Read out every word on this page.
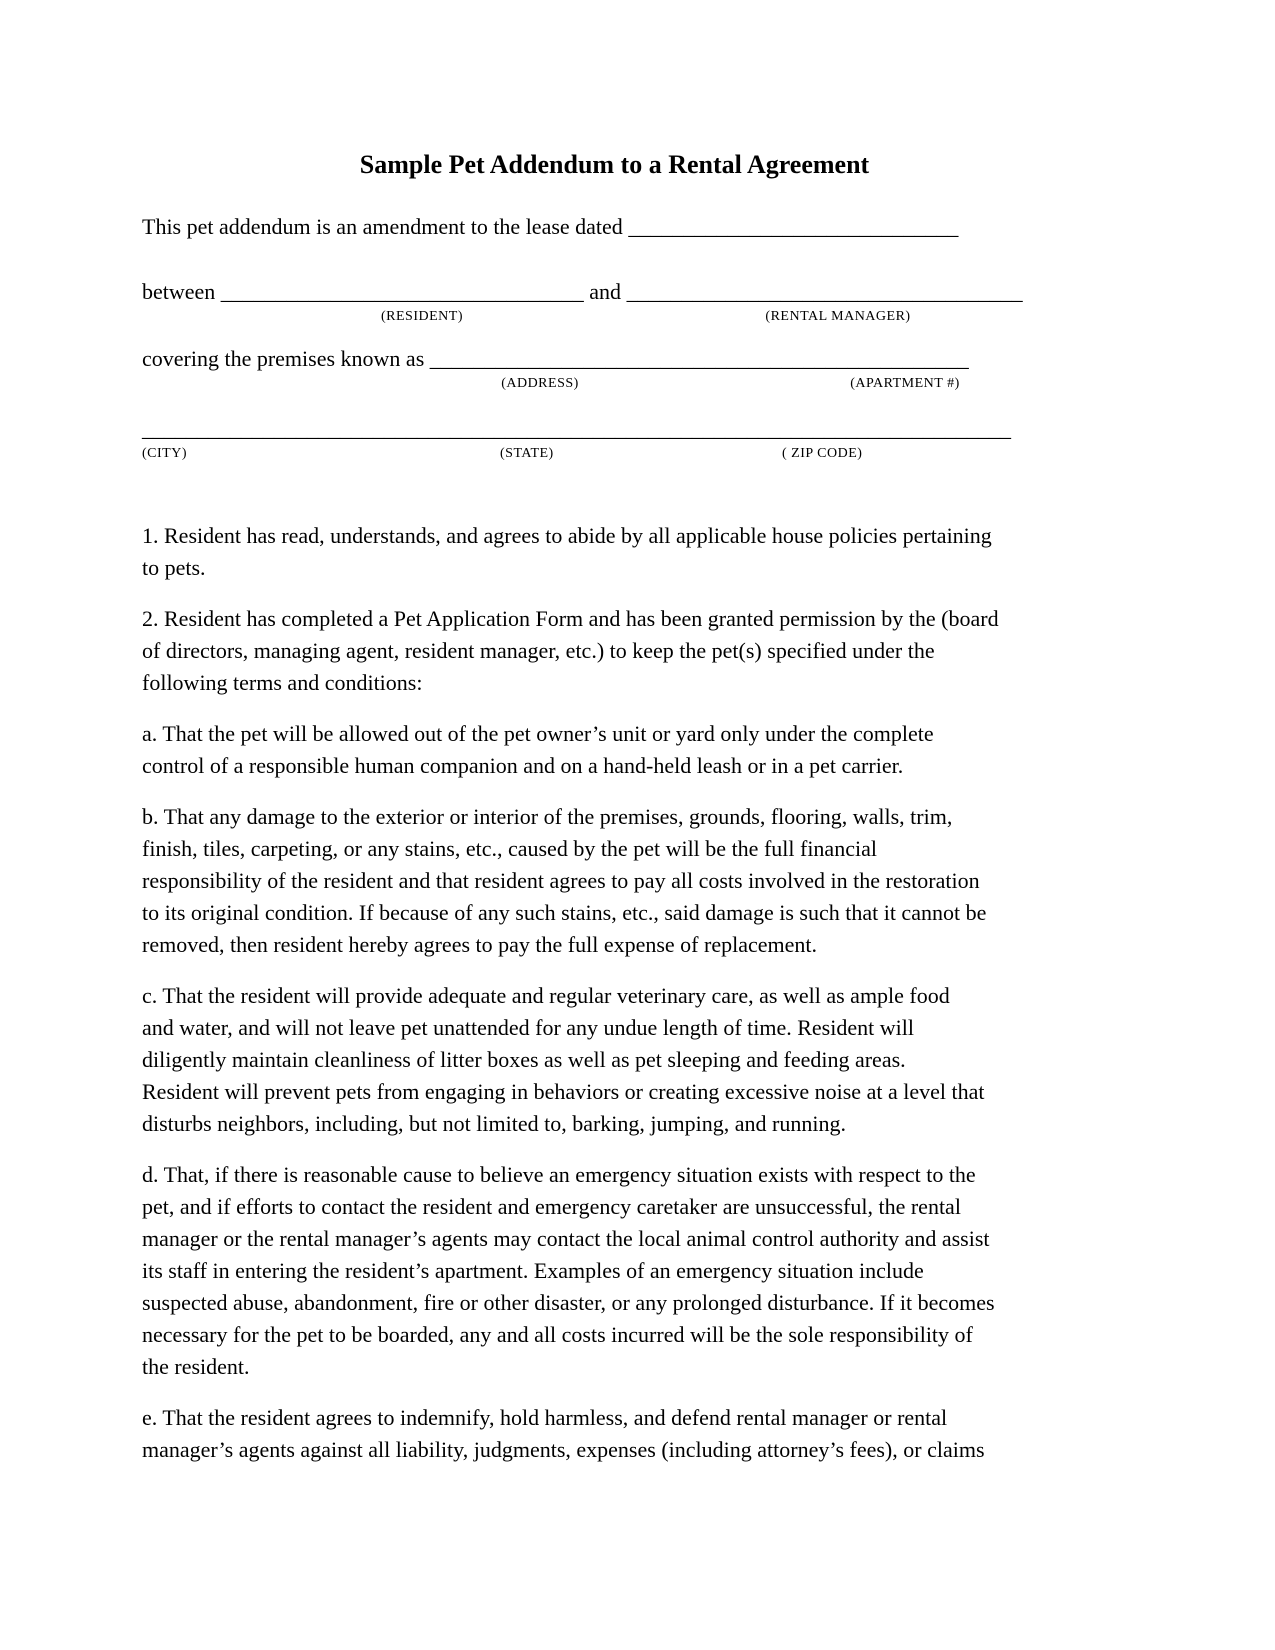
Sample Pet Addendum to a Rental Agreement
This pet addendum is an amendment to the lease dated ______________________________
between _________________________________ and ____________________________________
(RESIDENT)	(RENTAL MANAGER)
covering the premises known as _________________________________________________
(ADDRESS)	(APARTMENT #)
_______________________________________________________________________________
(CITY)	(STATE)	( ZIP CODE)
1. Resident has read, understands, and agrees to abide by all applicable house policies pertaining
to pets.
2. Resident has completed a Pet Application Form and has been granted permission by the (board
of directors, managing agent, resident manager, etc.) to keep the pet(s) specified under the
following terms and conditions:
a. That the pet will be allowed out of the pet owner’s unit or yard only under the complete
control of a responsible human companion and on a hand-held leash or in a pet carrier.
b. That any damage to the exterior or interior of the premises, grounds, flooring, walls, trim,
finish, tiles, carpeting, or any stains, etc., caused by the pet will be the full financial
responsibility of the resident and that resident agrees to pay all costs involved in the restoration
to its original condition. If because of any such stains, etc., said damage is such that it cannot be
removed, then resident hereby agrees to pay the full expense of replacement.
c. That the resident will provide adequate and regular veterinary care, as well as ample food
and water, and will not leave pet unattended for any undue length of time. Resident will
diligently maintain cleanliness of litter boxes as well as pet sleeping and feeding areas.
Resident will prevent pets from engaging in behaviors or creating excessive noise at a level that
disturbs neighbors, including, but not limited to, barking, jumping, and running.
d. That, if there is reasonable cause to believe an emergency situation exists with respect to the
pet, and if efforts to contact the resident and emergency caretaker are unsuccessful, the rental
manager or the rental manager’s agents may contact the local animal control authority and assist
its staff in entering the resident’s apartment. Examples of an emergency situation include
suspected abuse, abandonment, fire or other disaster, or any prolonged disturbance. If it becomes
necessary for the pet to be boarded, any and all costs incurred will be the sole responsibility of
the resident.
e. That the resident agrees to indemnify, hold harmless, and defend rental manager or rental
manager’s agents against all liability, judgments, expenses (including attorney’s fees), or claims
